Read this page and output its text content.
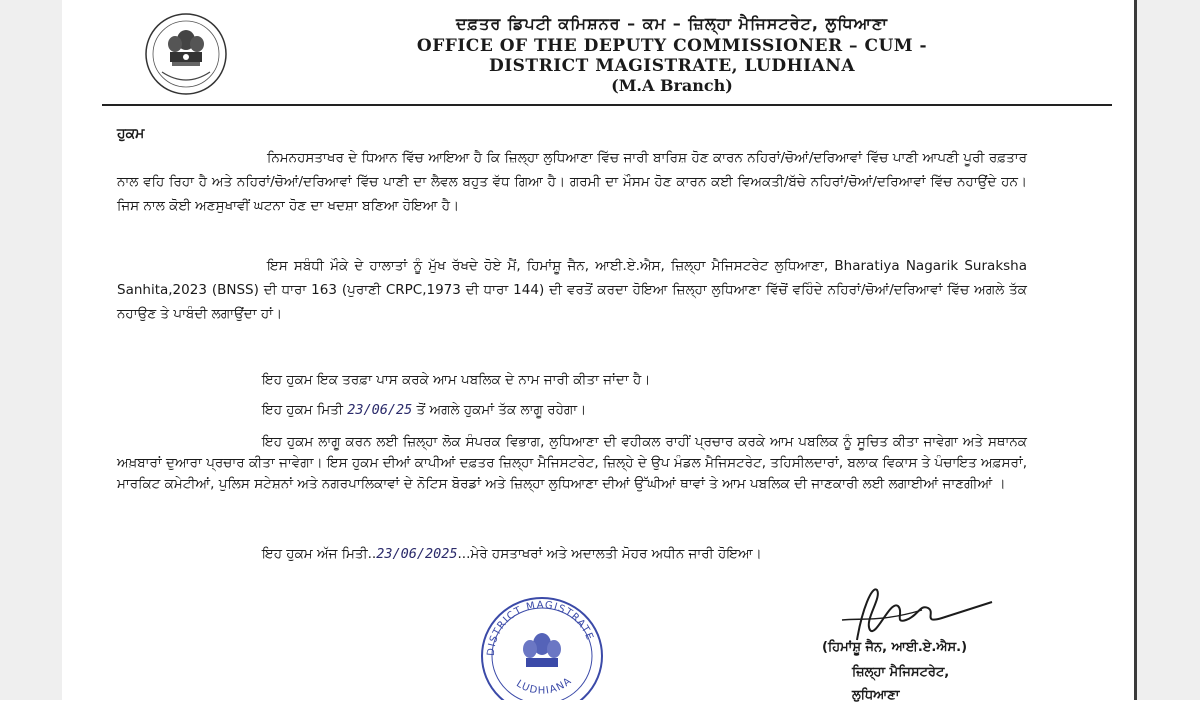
ਦਫ਼ਤਰ ਡਿਪਟੀ ਕਮਿਸ਼ਨਰ – ਕਮ – ਜ਼ਿਲ੍ਹਾ ਮੈਜਿਸਟਰੇਟ, ਲੁਧਿਆਣਾ
OFFICE OF THE DEPUTY COMMISSIONER – CUM -
DISTRICT MAGISTRATE, LUDHIANA
(M.A Branch)
ਹੁਕਮ
ਨਿਮਨਹਸਤਾਖਰ ਦੇ ਧਿਆਨ ਵਿੱਚ ਆਇਆ ਹੈ ਕਿ ਜ਼ਿਲ੍ਹਾ ਲੁਧਿਆਣਾ ਵਿੱਚ ਜਾਰੀ ਬਾਰਿਸ਼ ਹੋਣ ਕਾਰਨ ਨਹਿਰਾਂ/ਚੋਆਂ/ਦਰਿਆਵਾਂ ਵਿੱਚ ਪਾਣੀ ਆਪਣੀ ਪੂਰੀ ਰਫ਼ਤਾਰ ਨਾਲ ਵਹਿ ਰਿਹਾ ਹੈ ਅਤੇ ਨਹਿਰਾਂ/ਚੋਆਂ/ਦਰਿਆਵਾਂ ਵਿੱਚ ਪਾਣੀ ਦਾ ਲੈਵਲ ਬਹੁਤ ਵੱਧ ਗਿਆ ਹੈ। ਗਰਮੀ ਦਾ ਮੌਸਮ ਹੋਣ ਕਾਰਨ ਕਈ ਵਿਅਕਤੀ/ਬੱਚੇ ਨਹਿਰਾਂ/ਚੋਆਂ/ਦਰਿਆਵਾਂ ਵਿੱਚ ਨਹਾਉਂਦੇ ਹਨ। ਜਿਸ ਨਾਲ ਕੋਈ ਅਣਸੁਖਾਵੀਂ ਘਟਨਾ ਹੋਣ ਦਾ ਖਦਸ਼ਾ ਬਣਿਆ ਹੋਇਆ ਹੈ।
ਇਸ ਸਬੰਧੀ ਮੌਕੇ ਦੇ ਹਾਲਾਤਾਂ ਨੂੰ ਮੁੱਖ ਰੱਖਦੇ ਹੋਏ ਮੈਂ, ਹਿਮਾਂਸ਼ੂ ਜੈਨ, ਆਈ.ਏ.ਐਸ, ਜ਼ਿਲ੍ਹਾ ਮੈਜਿਸਟਰੇਟ ਲੁਧਿਆਣਾ, Bharatiya Nagarik Suraksha Sanhita,2023 (BNSS) ਦੀ ਧਾਰਾ 163 (ਪੁਰਾਣੀ CRPC,1973 ਦੀ ਧਾਰਾ 144) ਦੀ ਵਰਤੋਂ ਕਰਦਾ ਹੋਇਆ ਜ਼ਿਲ੍ਹਾ ਲੁਧਿਆਣਾ ਵਿੱਚੋਂ ਵਹਿੰਦੇ ਨਹਿਰਾਂ/ਚੋਆਂ/ਦਰਿਆਵਾਂ ਵਿੱਚ ਅਗਲੇ ਤੱਕ ਨਹਾਉਣ ਤੇ ਪਾਬੰਦੀ ਲਗਾਉਂਦਾ ਹਾਂ।
ਇਹ ਹੁਕਮ ਇਕ ਤਰਫ਼ਾ ਪਾਸ ਕਰਕੇ ਆਮ ਪਬਲਿਕ ਦੇ ਨਾਮ ਜਾਰੀ ਕੀਤਾ ਜਾਂਦਾ ਹੈ।
ਇਹ ਹੁਕਮ ਮਿਤੀ 23/06/25 ਤੋਂ ਅਗਲੇ ਹੁਕਮਾਂ ਤੱਕ ਲਾਗੂ ਰਹੇਗਾ।
ਇਹ ਹੁਕਮ ਲਾਗੂ ਕਰਨ ਲਈ ਜ਼ਿਲ੍ਹਾ ਲੋਕ ਸੰਪਰਕ ਵਿਭਾਗ, ਲੁਧਿਆਣਾ ਦੀ ਵਹੀਕਲ ਰਾਹੀਂ ਪ੍ਰਚਾਰ ਕਰਕੇ ਆਮ ਪਬਲਿਕ ਨੂੰ ਸੂਚਿਤ ਕੀਤਾ ਜਾਵੇਗਾ ਅਤੇ ਸਥਾਨਕ ਅਖ਼ਬਾਰਾਂ ਦੁਆਰਾ ਪ੍ਰਚਾਰ ਕੀਤਾ ਜਾਵੇਗਾ। ਇਸ ਹੁਕਮ ਦੀਆਂ ਕਾਪੀਆਂ ਦਫ਼ਤਰ ਜ਼ਿਲ੍ਹਾ ਮੈਜਿਸਟਰੇਟ, ਜ਼ਿਲ੍ਹੇ ਦੇ ਉਪ ਮੰਡਲ ਮੈਜਿਸਟਰੇਟ, ਤਹਿਸੀਲਦਾਰਾਂ, ਬਲਾਕ ਵਿਕਾਸ ਤੇ ਪੰਚਾਇਤ ਅਫ਼ਸਰਾਂ, ਮਾਰਕਿਟ ਕਮੇਟੀਆਂ, ਪੁਲਿਸ ਸਟੇਸ਼ਨਾਂ ਅਤੇ ਨਗਰਪਾਲਿਕਾਵਾਂ ਦੇ ਨੋਟਿਸ ਬੋਰਡਾਂ ਅਤੇ ਜ਼ਿਲ੍ਹਾ ਲੁਧਿਆਣਾ ਦੀਆਂ ਉੱਘੀਆਂ ਥਾਵਾਂ ਤੇ ਆਮ ਪਬਲਿਕ ਦੀ ਜਾਣਕਾਰੀ ਲਈ ਲਗਾਈਆਂ ਜਾਣਗੀਆਂ ।
ਇਹ ਹੁਕਮ ਅੱਜ ਮਿਤੀ..23/06/2025...ਮੇਰੇ ਹਸਤਾਖਰਾਂ ਅਤੇ ਅਦਾਲਤੀ ਮੋਹਰ ਅਧੀਨ ਜਾਰੀ ਹੋਇਆ।
DISTRICT MAGISTRATE
LUDHIANA
(ਹਿਮਾਂਸ਼ੂ ਜੈਨ, ਆਈ.ਏ.ਐਸ.)
ਜ਼ਿਲ੍ਹਾ ਮੈਜਿਸਟਰੇਟ,
ਲੁਧਿਆਣਾ
